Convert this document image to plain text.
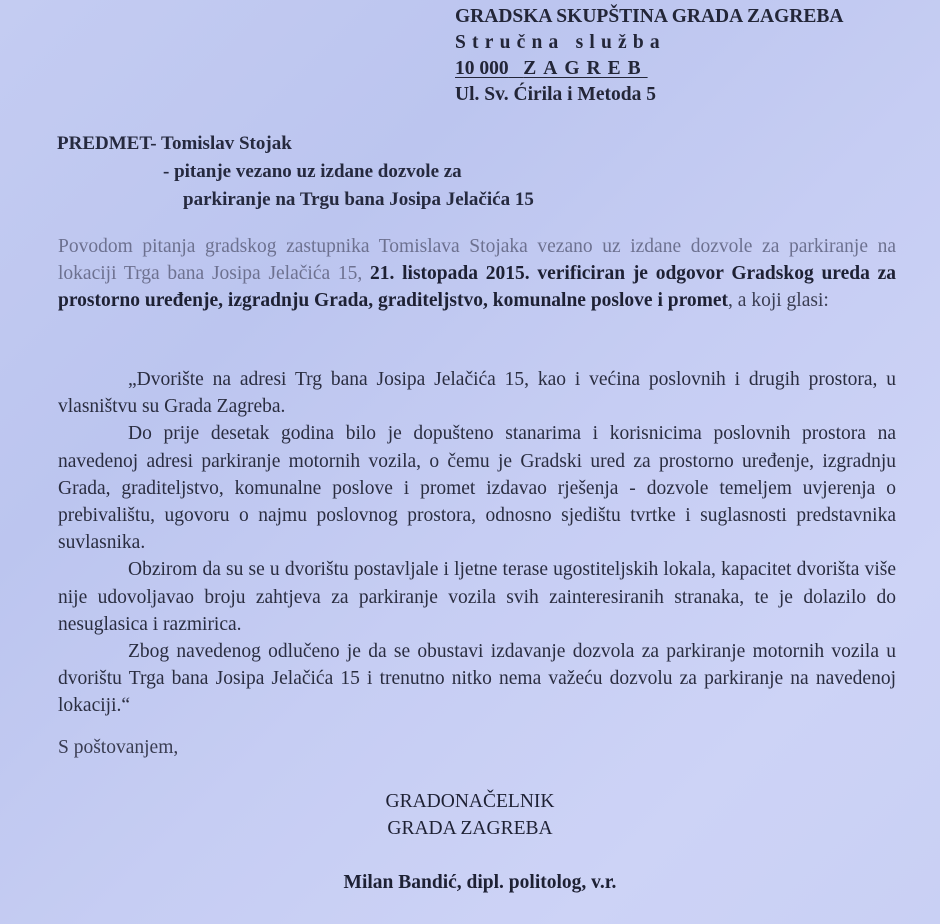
GRADSKA SKUPŠTINA GRADA ZAGREBA
Stručna služba
10 000 ZAGREB
Ul. Sv. Ćirila i Metoda 5
PREDMET- Tomislav Stojak
- pitanje vezano uz izdane dozvole za
parkiranje na Trgu bana Josipa Jelačića 15
Povodom pitanja gradskog zastupnika Tomislava Stojaka vezano uz izdane dozvole za parkiranje na lokaciji Trga bana Josipa Jelačića 15, 21. listopada 2015. verificiran je odgovor Gradskog ureda za prostorno uređenje, izgradnju Grada, graditeljstvo, komunalne poslove i promet, a koji glasi:

„Dvorište na adresi Trg bana Josipa Jelačića 15, kao i većina poslovnih i drugih prostora, u vlasništvu su Grada Zagreba.

Do prije desetak godina bilo je dopušteno stanarima i korisnicima poslovnih prostora na navedenoj adresi parkiranje motornih vozila, o čemu je Gradski ured za prostorno uređenje, izgradnju Grada, graditeljstvo, komunalne poslove i promet izdavao rješenja - dozvole temeljem uvjerenja o prebivalištu, ugovoru o najmu poslovnog prostora, odnosno sjedištu tvrtke i suglasnosti predstavnika suvlasnika.

Obzirom da su se u dvorištu postavljale i ljetne terase ugostiteljskih lokala, kapacitet dvorišta više nije udovoljavao broju zahtjeva za parkiranje vozila svih zainteresiranih stranaka, te je dolazilo do nesuglasica i razmirica.

Zbog navedenog odlučeno je da se obustavi izdavanje dozvola za parkiranje motornih vozila u dvorištu Trga bana Josipa Jelačića 15 i trenutno nitko nema važeću dozvolu za parkiranje na navedenoj lokaciji.“

S poštovanjem,
GRADONAČELNIK
GRADA ZAGREBA
Milan Bandić, dipl. politolog, v.r.
